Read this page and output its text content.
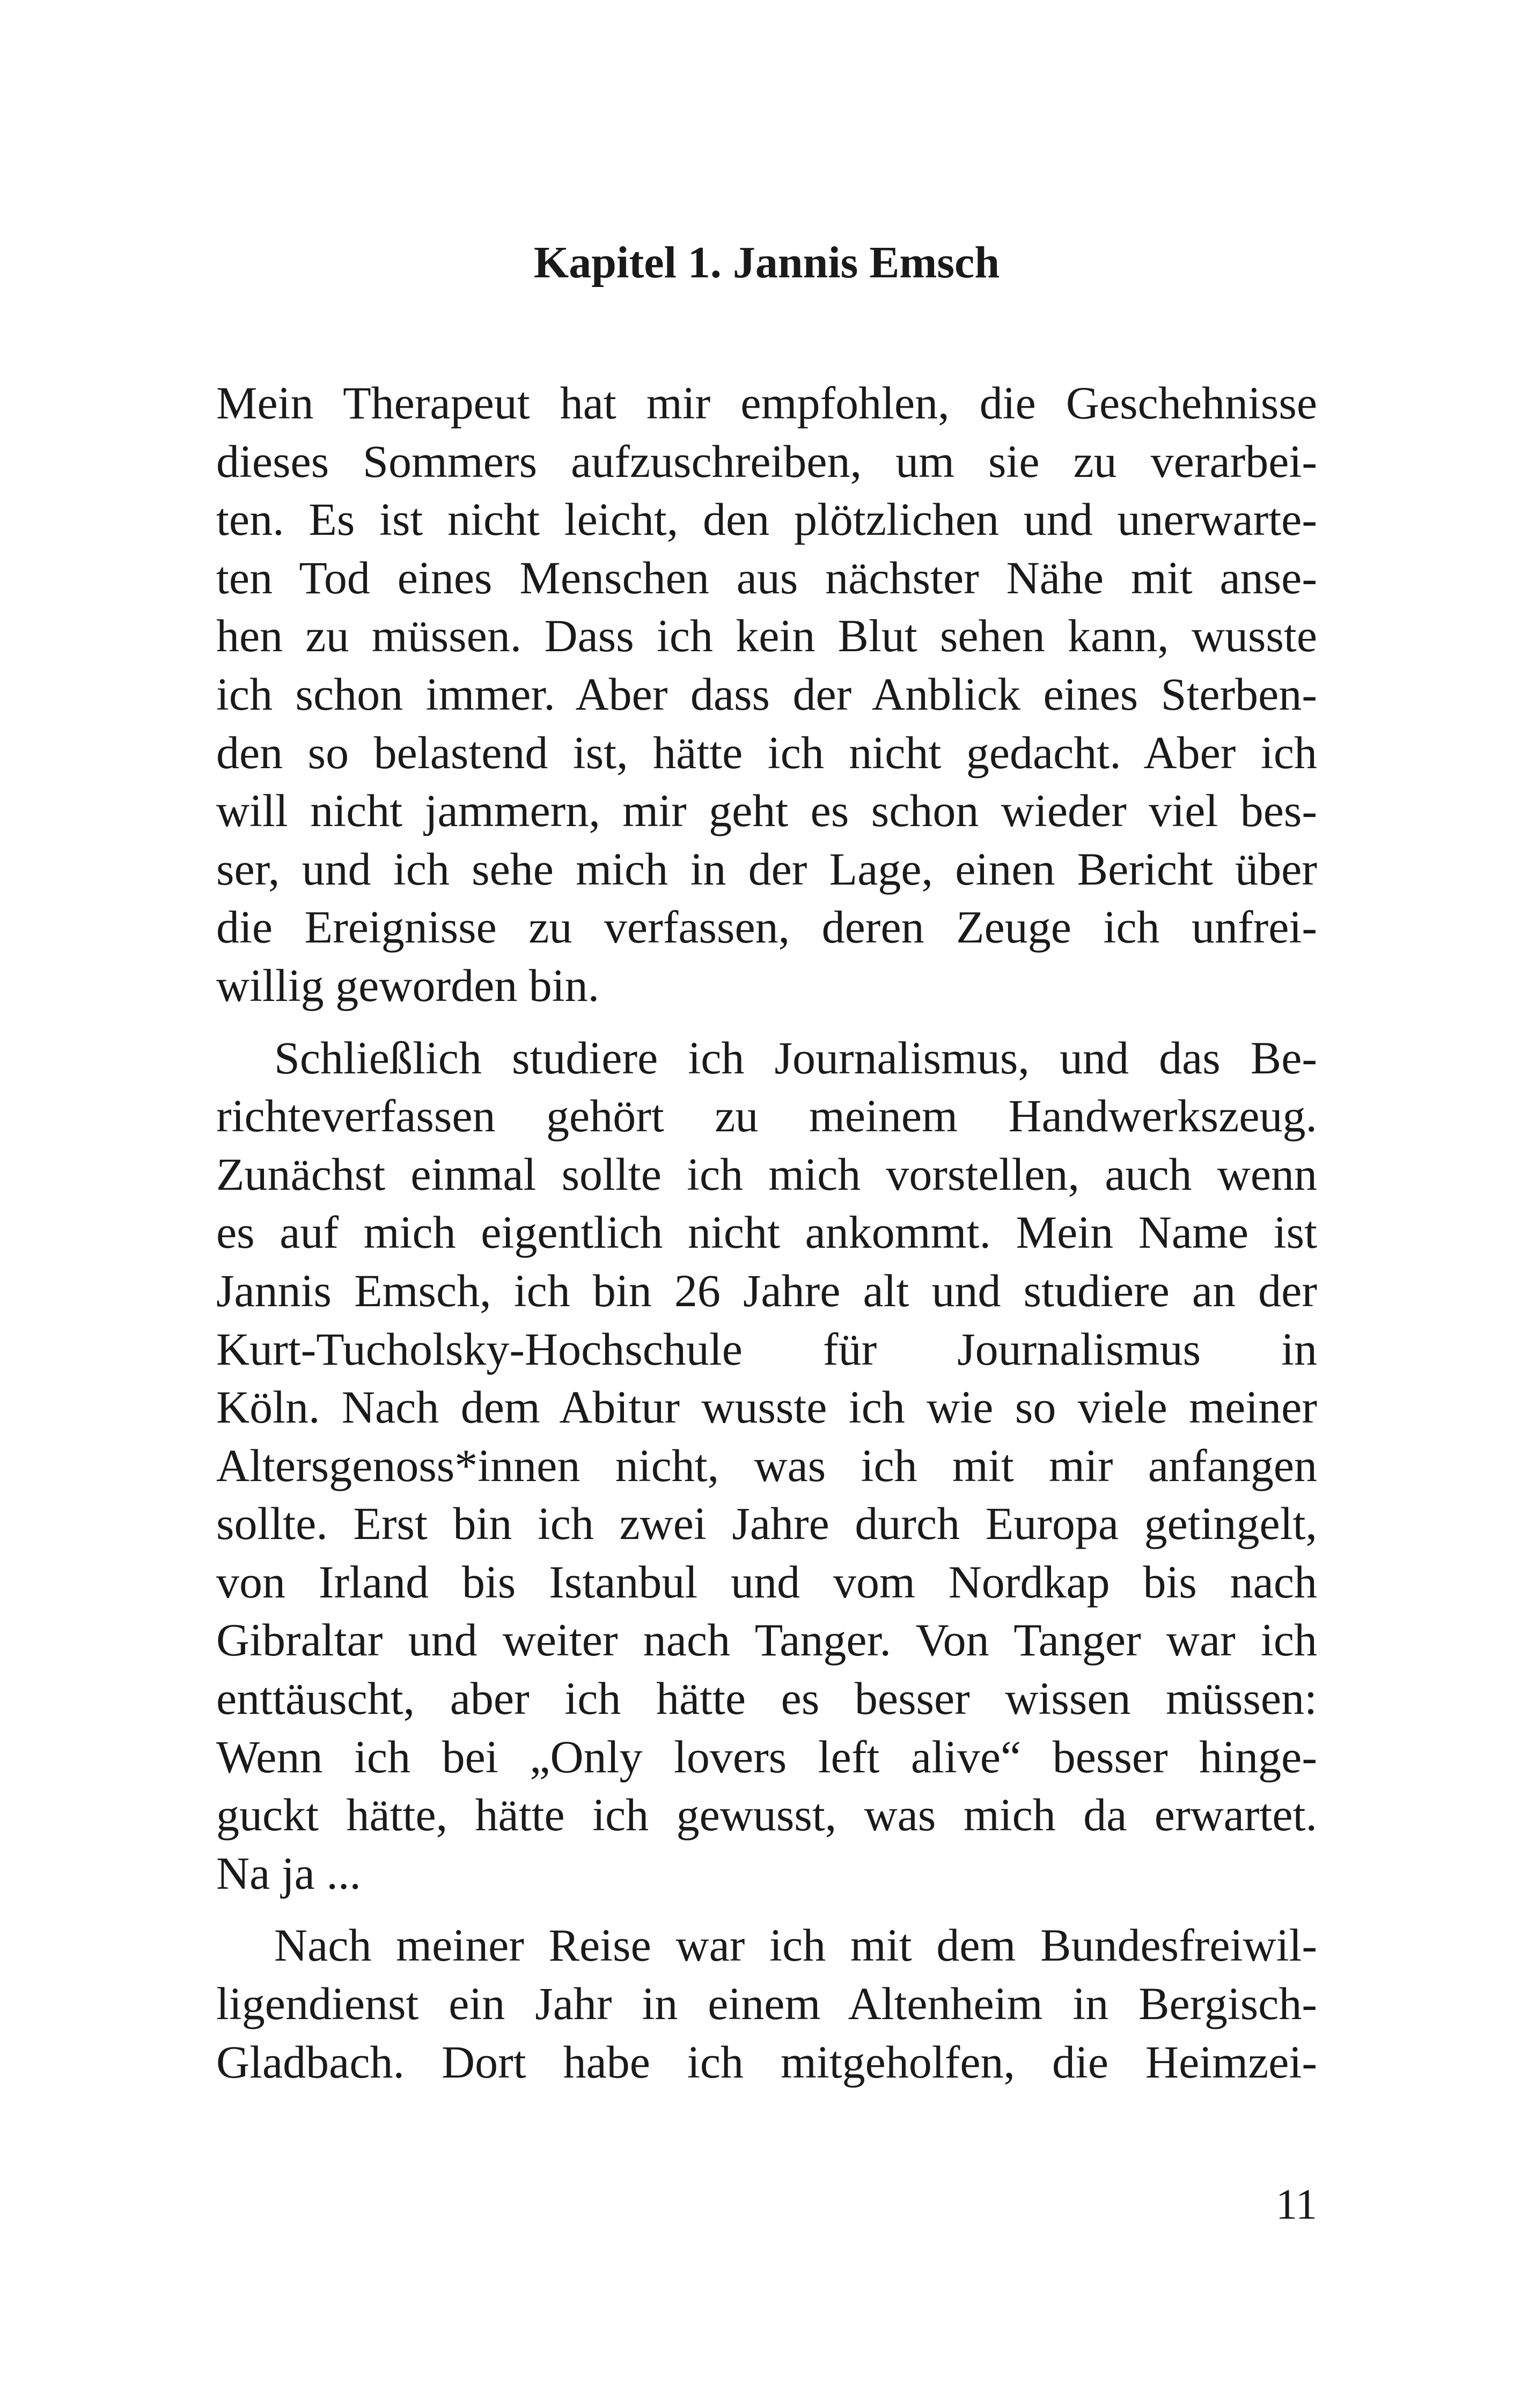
Kapitel 1. Jannis Emsch
Mein Therapeut hat mir empfohlen, die Geschehnisse
dieses Sommers aufzuschreiben, um sie zu verarbei-
ten. Es ist nicht leicht, den plötzlichen und unerwarte-
ten Tod eines Menschen aus nächster Nähe mit anse-
hen zu müssen. Dass ich kein Blut sehen kann, wusste
ich schon immer. Aber dass der Anblick eines Sterben-
den so belastend ist, hätte ich nicht gedacht. Aber ich
will nicht jammern, mir geht es schon wieder viel bes-
ser, und ich sehe mich in der Lage, einen Bericht über
die Ereignisse zu verfassen, deren Zeuge ich unfrei-
willig geworden bin.
Schließlich studiere ich Journalismus, und das Be-
richteverfassen gehört zu meinem Handwerkszeug.
Zunächst einmal sollte ich mich vorstellen, auch wenn
es auf mich eigentlich nicht ankommt. Mein Name ist
Jannis Emsch, ich bin 26 Jahre alt und studiere an der
Kurt-Tucholsky-Hochschule für Journalismus in
Köln. Nach dem Abitur wusste ich wie so viele meiner
Altersgenoss*innen nicht, was ich mit mir anfangen
sollte. Erst bin ich zwei Jahre durch Europa getingelt,
von Irland bis Istanbul und vom Nordkap bis nach
Gibraltar und weiter nach Tanger. Von Tanger war ich
enttäuscht, aber ich hätte es besser wissen müssen:
Wenn ich bei „Only lovers left alive“ besser hinge-
guckt hätte, hätte ich gewusst, was mich da erwartet.
Na ja ...
Nach meiner Reise war ich mit dem Bundesfreiwil-
ligendienst ein Jahr in einem Altenheim in Bergisch-
Gladbach. Dort habe ich mitgeholfen, die Heimzei-
11
